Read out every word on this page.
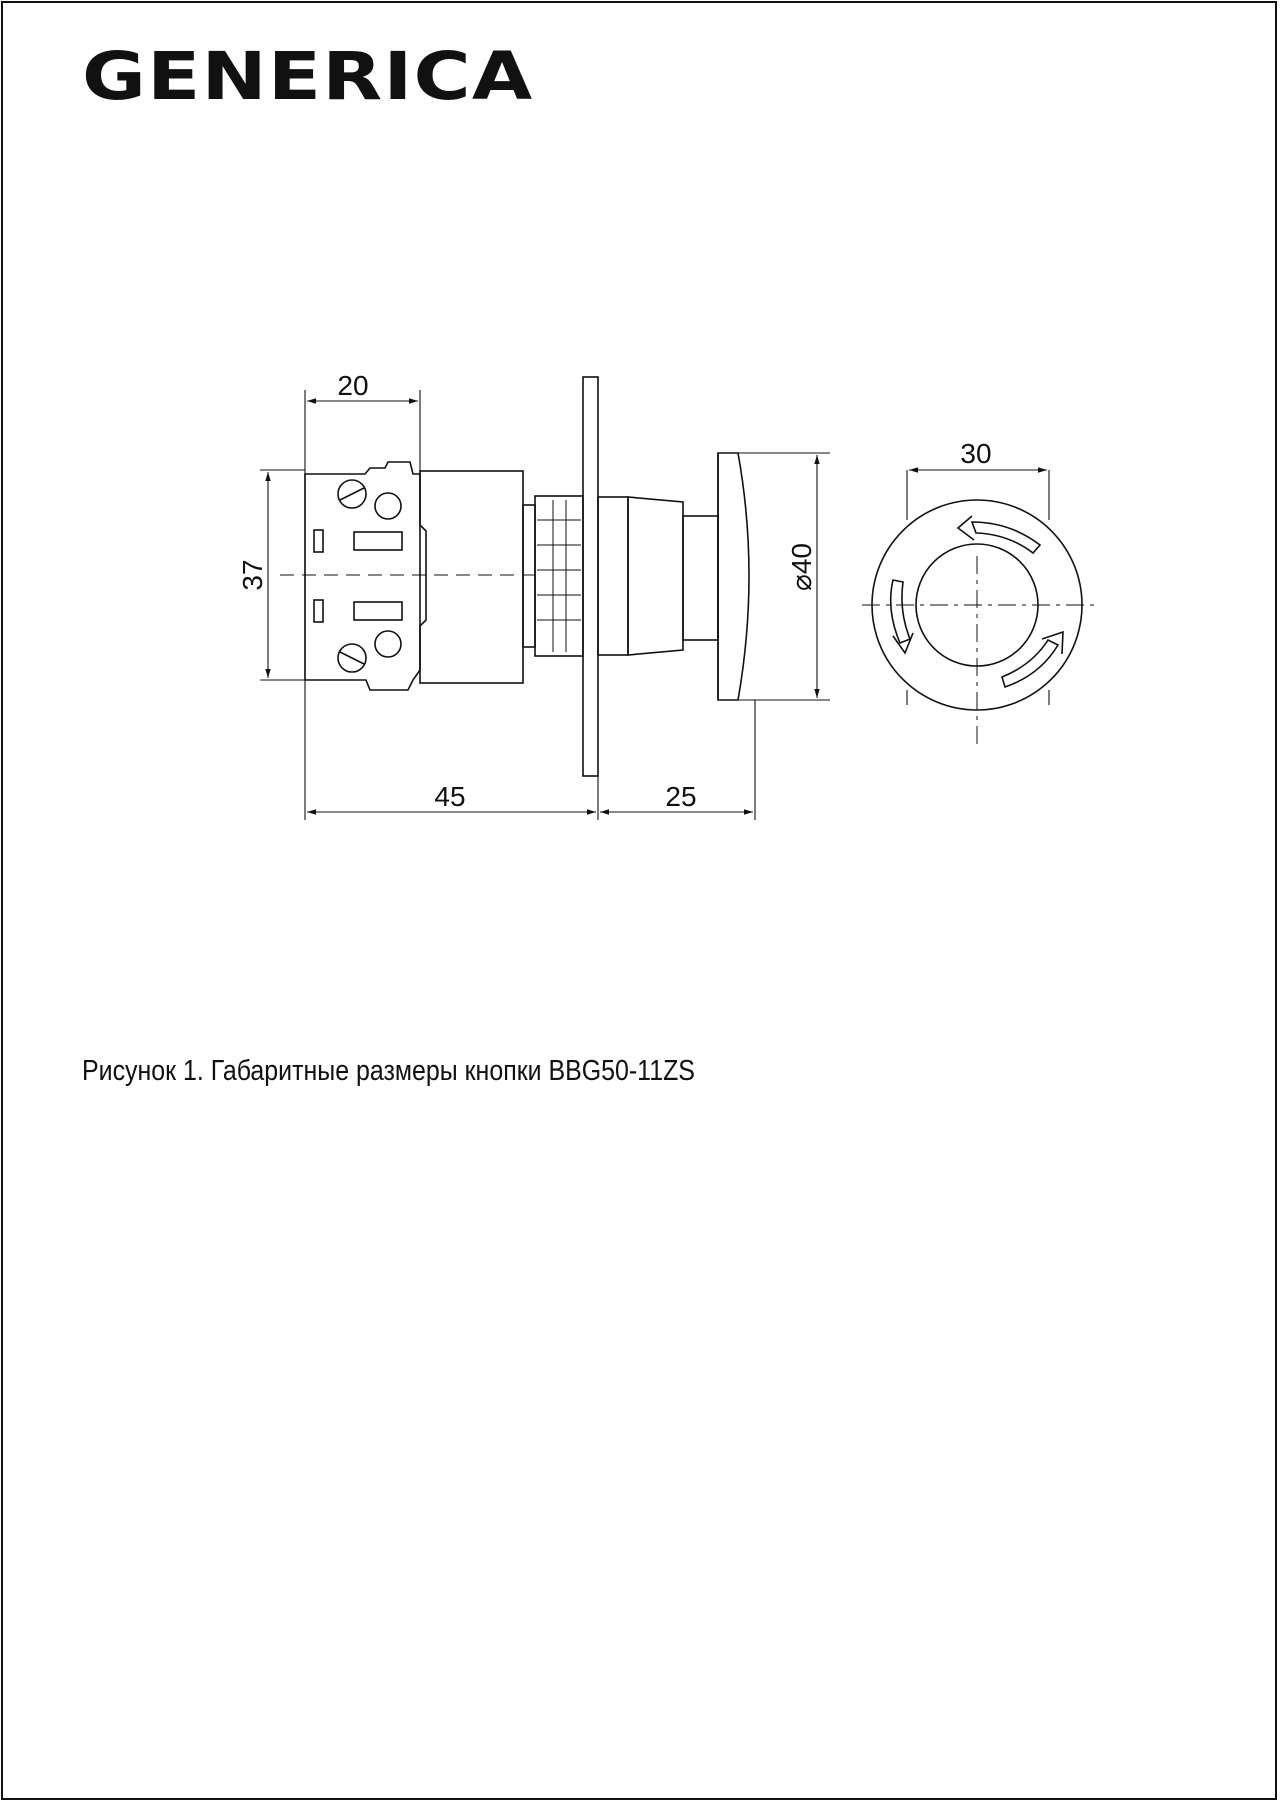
GENERICA
20
37
45	25
⌀40
30
Рисунок 1. Габаритные размеры кнопки BBG50-11ZS
